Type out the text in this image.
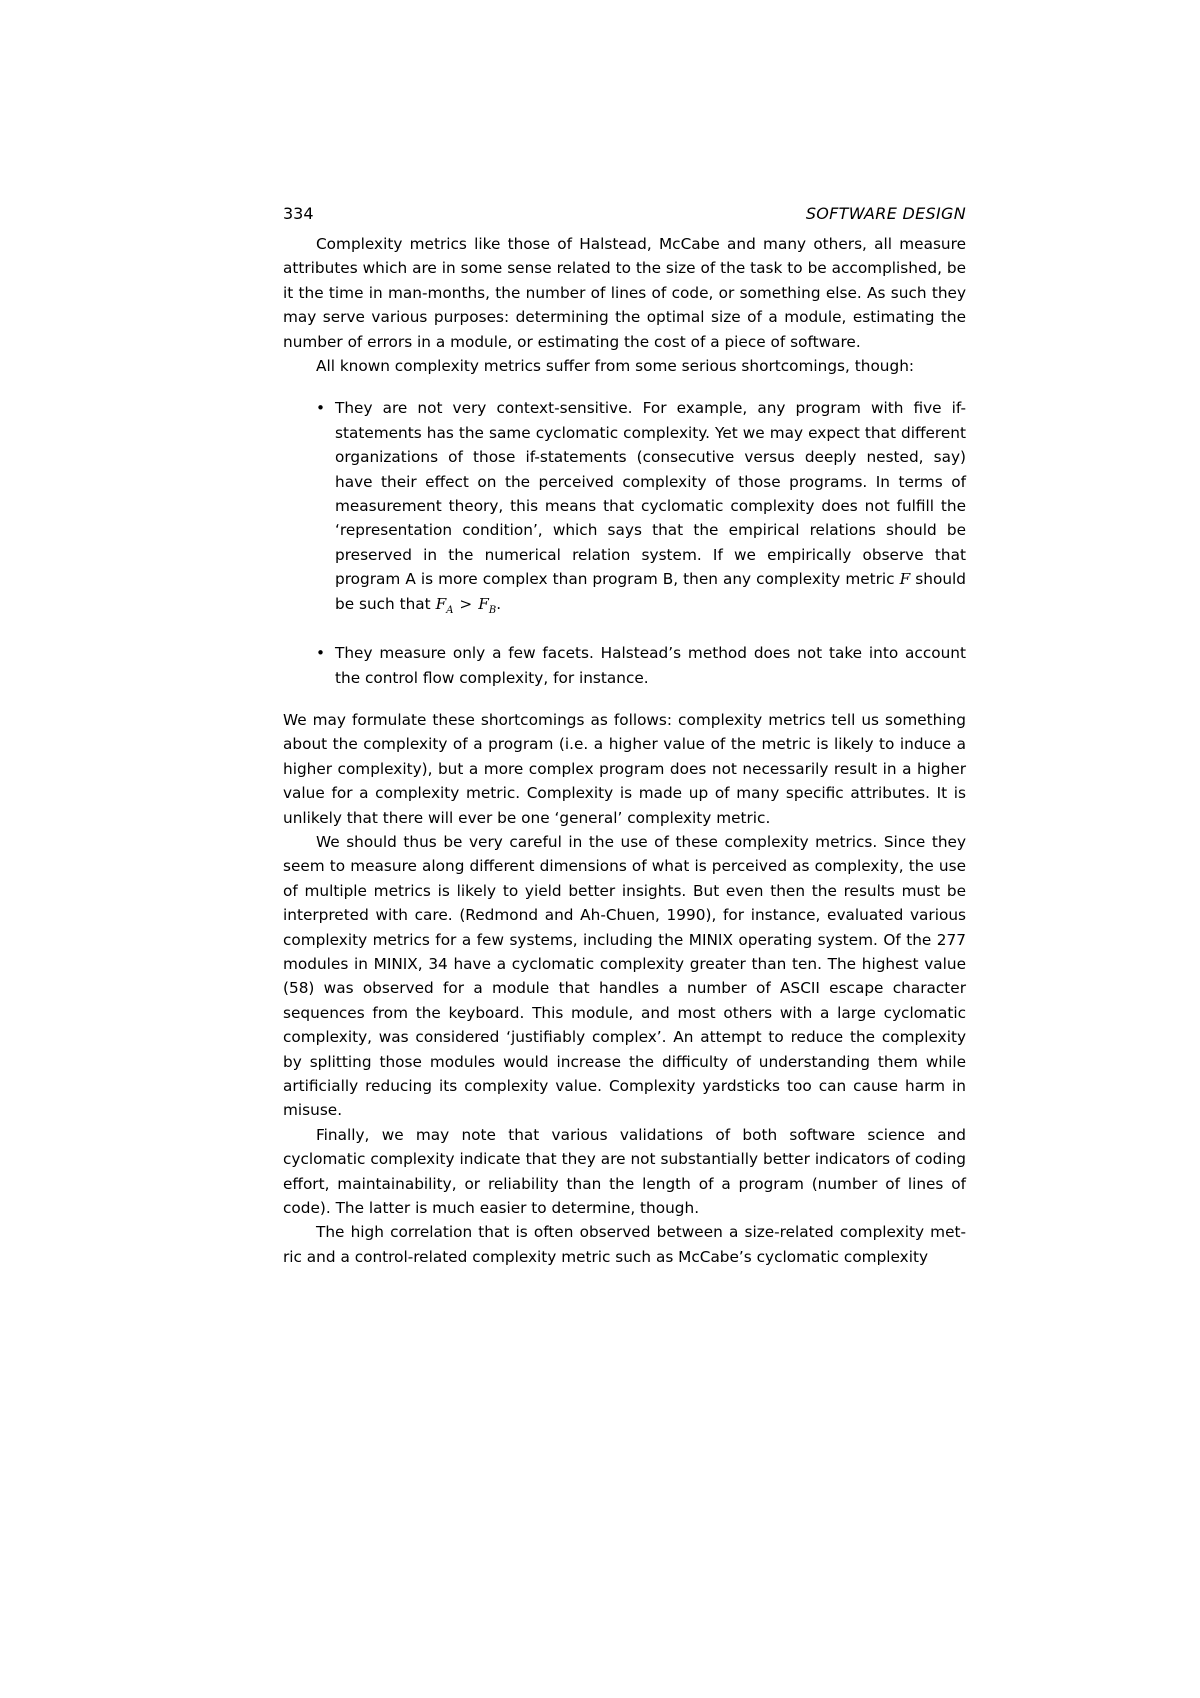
334	SOFTWARE DESIGN

Complexity metrics like those of Halstead, McCabe and many others, all measure attributes which are in some sense related to the size of the task to be accomplished, be it the time in man-months, the number of lines of code, or something else. As such they may serve various purposes: determining the optimal size of a module, estimating the number of errors in a module, or estimating the cost of a piece of software.

All known complexity metrics suffer from some serious shortcomings, though:

• They are not very context-sensitive. For example, any program with five if-statements has the same cyclomatic complexity. Yet we may expect that different organizations of those if-statements (consecutive versus deeply nested, say) have their effect on the perceived complexity of those programs. In terms of measurement theory, this means that cyclomatic complexity does not fulfill the ‘representation condition’, which says that the empirical relations should be preserved in the numerical relation system. If we empirically observe that program A is more complex than program B, then any complexity metric F should be such that $F_A > F_B$.
• They measure only a few facets. Halstead’s method does not take into account the control flow complexity, for instance.

We may formulate these shortcomings as follows: complexity metrics tell us something about the complexity of a program (i.e. a higher value of the metric is likely to induce a higher complexity), but a more complex program does not necessarily result in a higher value for a complexity metric. Complexity is made up of many specific attributes. It is unlikely that there will ever be one ‘general’ complexity metric.

We should thus be very careful in the use of these complexity metrics. Since they seem to measure along different dimensions of what is perceived as complexity, the use of multiple metrics is likely to yield better insights. But even then the results must be interpreted with care. (Redmond and Ah-Chuen, 1990), for instance, evaluated various complexity metrics for a few systems, including the MINIX operating system. Of the 277 modules in MINIX, 34 have a cyclomatic complexity greater than ten. The highest value (58) was observed for a module that handles a number of ASCII escape character sequences from the keyboard. This module, and most others with a large cyclomatic complexity, was considered ‘justifiably complex’. An attempt to reduce the complexity by splitting those modules would increase the difficulty of understanding them while artificially reducing its complexity value. Complexity yardsticks too can cause harm in misuse.

Finally, we may note that various validations of both software science and cyclomatic complexity indicate that they are not substantially better indicators of coding effort, maintainability, or reliability than the length of a program (number of lines of code). The latter is much easier to determine, though.

The high correlation that is often observed between a size-related complexity met-ric and a control-related complexity metric such as McCabe’s cyclomatic complexity
